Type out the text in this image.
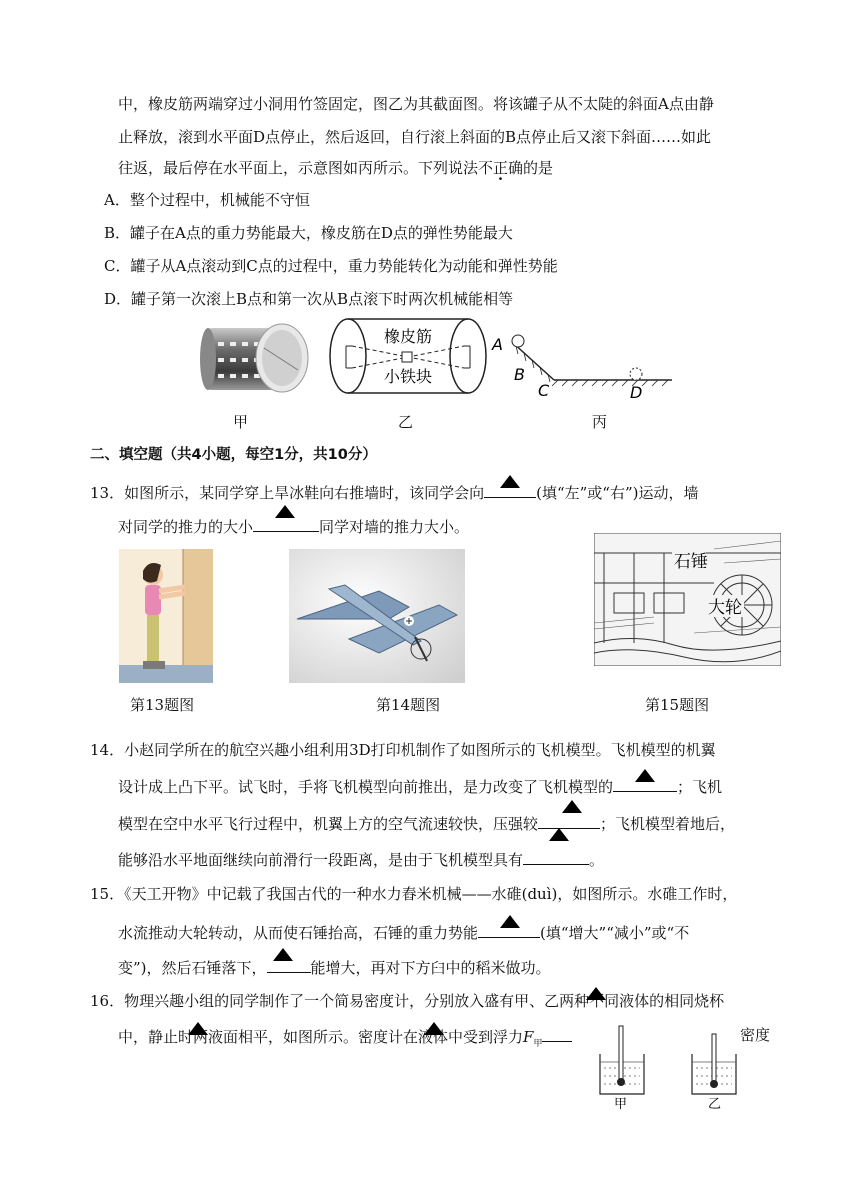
中，橡皮筋两端穿过小洞用竹签固定，图乙为其截面图。将该罐子从不太陡的斜面A点由静
止释放，滚到水平面D点停止，然后返回，自行滚上斜面的B点停止后又滚下斜面……如此
往返，最后停在水平面上，示意图如丙所示。下列说法不正确的是
A．整个过程中，机械能不守恒
B．罐子在A点的重力势能最大，橡皮筋在D点的弹性势能最大
C．罐子从A点滚动到C点的过程中，重力势能转化为动能和弹性势能
D．罐子第一次滚上B点和第一次从B点滚下时两次机械能相等
橡皮筋
小铁块
A
B
C	D
甲	乙	丙
二、填空题（共4小题，每空1分，共10分）
13．如图所示，某同学穿上旱冰鞋向右推墙时，该同学会向	(填“左”或“右”)运动，墙
对同学的推力的大小	同学对墙的推力大小。
石锤
大轮
第13题图	第14题图	第15题图
14．小赵同学所在的航空兴趣小组利用3D打印机制作了如图所示的飞机模型。飞机模型的机翼
设计成上凸下平。试飞时，手将飞机模型向前推出，是力改变了飞机模型的	；飞机
模型在空中水平飞行过程中，机翼上方的空气流速较快，压强较	；飞机模型着地后，
能够沿水平地面继续向前滑行一段距离，是由于飞机模型具有	。
15．《天工开物》中记载了我国古代的一种水力舂米机械——水碓(duì)，如图所示。水碓工作时，
水流推动大轮转动，从而使石锤抬高，石锤的重力势能	(填“增大”“减小”或“不
变”)，然后石锤落下，	能增大，再对下方臼中的稻米做功。
16．物理兴趣小组的同学制作了一个简易密度计，分别放入盛有甲、乙两种不同液体的相同烧杯
中，静止时两液面相平，如图所示。密度计在液体中受到浮力$F_甲$	密度
甲	乙
